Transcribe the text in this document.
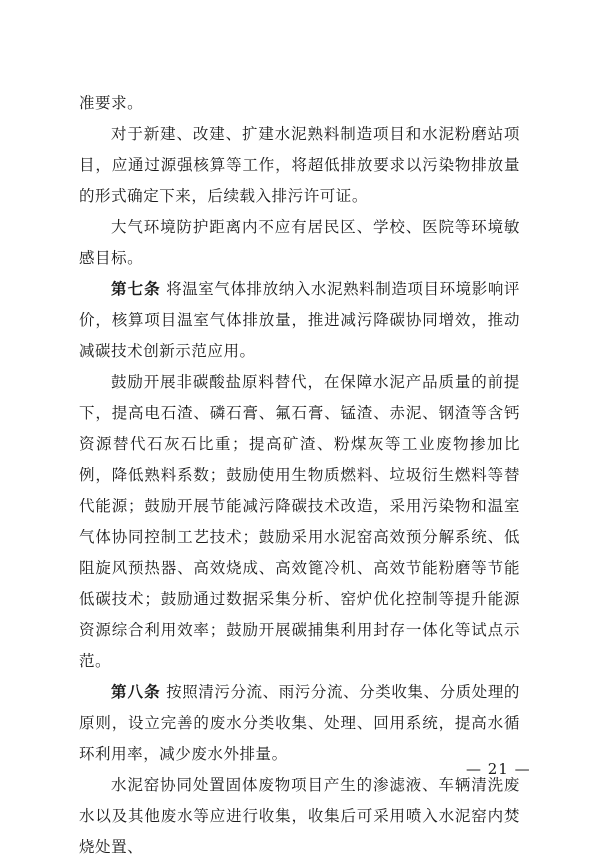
准要求。

对于新建、改建、扩建水泥熟料制造项目和水泥粉磨站项目，应通过源强核算等工作，将超低排放要求以污染物排放量的形式确定下来，后续载入排污许可证。

大气环境防护距离内不应有居民区、学校、医院等环境敏感目标。

第七条 将温室气体排放纳入水泥熟料制造项目环境影响评价，核算项目温室气体排放量，推进减污降碳协同增效，推动减碳技术创新示范应用。

鼓励开展非碳酸盐原料替代，在保障水泥产品质量的前提下，提高电石渣、磷石膏、氟石膏、锰渣、赤泥、钢渣等含钙资源替代石灰石比重；提高矿渣、粉煤灰等工业废物掺加比例，降低熟料系数；鼓励使用生物质燃料、垃圾衍生燃料等替代能源；鼓励开展节能减污降碳技术改造，采用污染物和温室气体协同控制工艺技术；鼓励采用水泥窑高效预分解系统、低阻旋风预热器、高效烧成、高效篦冷机、高效节能粉磨等节能低碳技术；鼓励通过数据采集分析、窑炉优化控制等提升能源资源综合利用效率；鼓励开展碳捕集利用封存一体化等试点示范。

第八条 按照清污分流、雨污分流、分类收集、分质处理的原则，设立完善的废水分类收集、处理、回用系统，提高水循环利用率，减少废水外排量。

水泥窑协同处置固体废物项目产生的渗滤液、车辆清洗废水以及其他废水等应进行收集，收集后可采用喷入水泥窑内焚烧处置、

— 21 —
